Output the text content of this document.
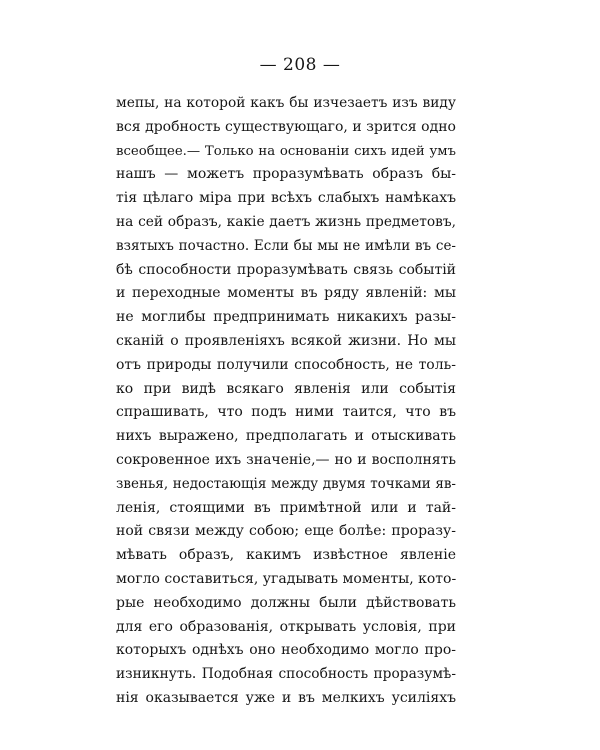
— 208 —
мепы, на которой какъ бы изчезаетъ изъ виду
вся дробность существующаго, и зрится одно
всеобщее.— Только на основаніи сихъ идей умъ
нашъ — можетъ проразумѣвать образъ бы-
тія цѣлаго міра при всѣхъ слабыхъ намѣкахъ
на сей образъ, какіе даетъ жизнь предметовъ,
взятыхъ почастно. Если бы мы не имѣли въ се-
бѣ способности проразумѣвать связь событій
и переходные моменты въ ряду явленій: мы
не моглибы предпринимать никакихъ разы-
сканій о проявленіяхъ всякой жизни. Но мы
отъ природы получили способность, не толь-
ко при видѣ всякаго явленія или событія
спрашивать, что подъ ними таится, что въ
нихъ выражено, предполагать и отыскивать
сокровенное ихъ значеніе,— но и восполнять
звенья, недостающія между двумя точками яв-
ленія, стоящими въ примѣтной или и тай-
ной связи между собою; еще болѣе: проразу-
мѣвать образъ, какимъ извѣстное явленіе
могло составиться, угадывать моменты, кото-
рые необходимо должны были дѣйствовать
для его образованія, открывать условія, при
которыхъ однѣхъ оно необходимо могло про-
изникнуть. Подобная способность проразумѣ-
нія оказывается уже и въ мелкихъ усиліяхъ
